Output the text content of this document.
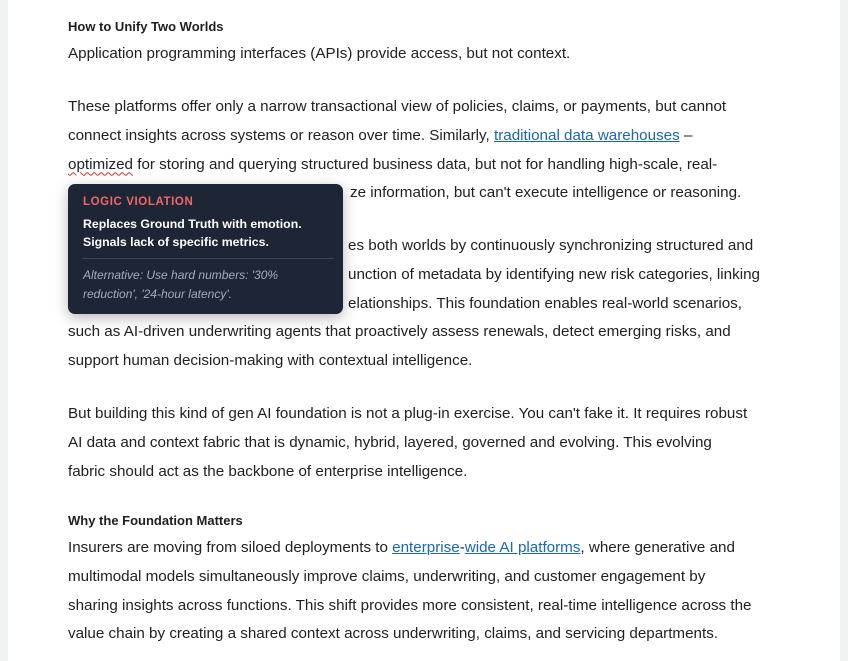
How to Unify Two Worlds
Application programming interfaces (APIs) provide access, but not context.
These platforms offer only a narrow transactional view of policies, claims, or payments, but cannot
connect insights across systems or reason over time. Similarly, traditional data warehouses –
optimized for storing and querying structured business data, but not for handling high-scale, real-
ze information, but can't execute intelligence or reasoning.
es both worlds by continuously synchronizing structured and
unction of metadata by identifying new risk categories, linking
elationships. This foundation enables real-world scenarios,
such as AI-driven underwriting agents that proactively assess renewals, detect emerging risks, and
support human decision-making with contextual intelligence.
But building this kind of gen AI foundation is not a plug-in exercise. You can't fake it. It requires robust
AI data and context fabric that is dynamic, hybrid, layered, governed and evolving. This evolving
fabric should act as the backbone of enterprise intelligence.
Why the Foundation Matters
Insurers are moving from siloed deployments to enterprise-wide AI platforms, where generative and
multimodal models simultaneously improve claims, underwriting, and customer engagement by
sharing insights across functions. This shift provides more consistent, real-time intelligence across the
value chain by creating a shared context across underwriting, claims, and servicing departments.
LOGIC VIOLATION
Replaces Ground Truth with emotion.
Signals lack of specific metrics.
Alternative: Use hard numbers: '30%
reduction', '24-hour latency'.
